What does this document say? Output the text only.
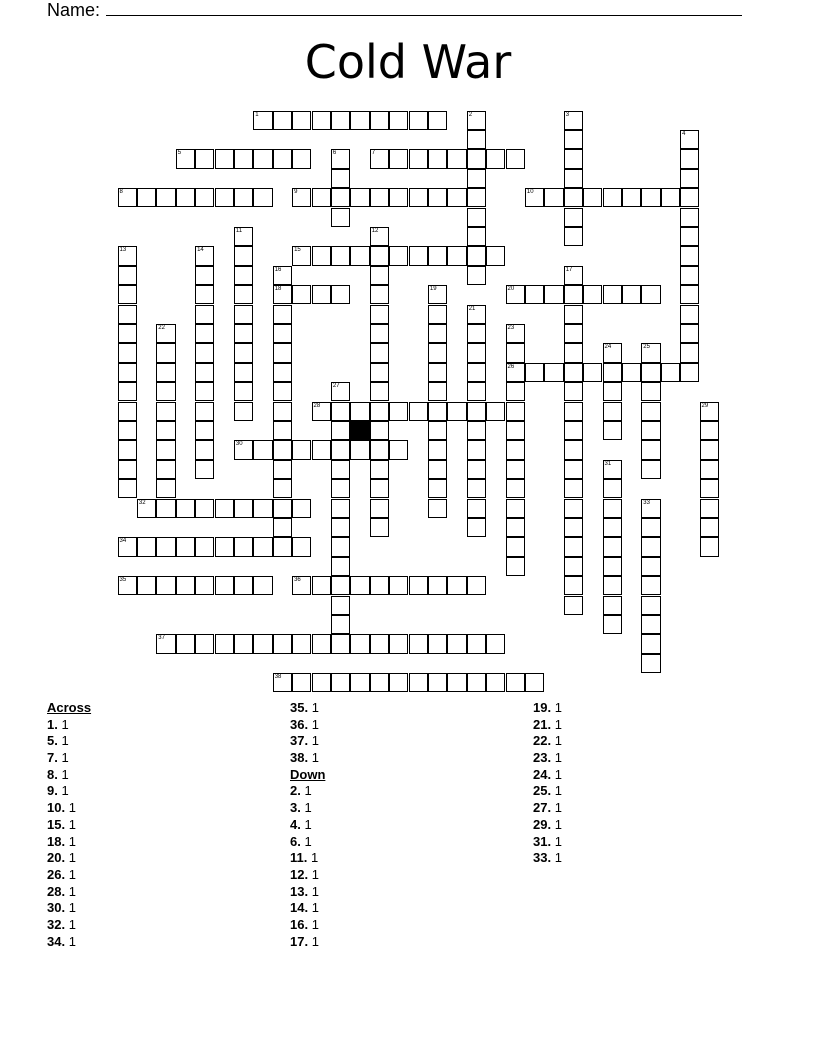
Name:
Cold War
1
5	7
8	9	10
15
18	20
26
28
30
32
34
35	36
37
38
2	3
4
6
11	12
13	14
16	17
19
21
22	23
24	25
27
29
31
33
Across
1. 1
5. 1
7. 1
8. 1
9. 1
10. 1
15. 1
18. 1
20. 1
26. 1
28. 1
30. 1
32. 1
34. 1
35. 1
36. 1
37. 1
38. 1
Down
2. 1
3. 1
4. 1
6. 1
11. 1
12. 1
13. 1
14. 1
16. 1
17. 1
19. 1
21. 1
22. 1
23. 1
24. 1
25. 1
27. 1
29. 1
31. 1
33. 1
